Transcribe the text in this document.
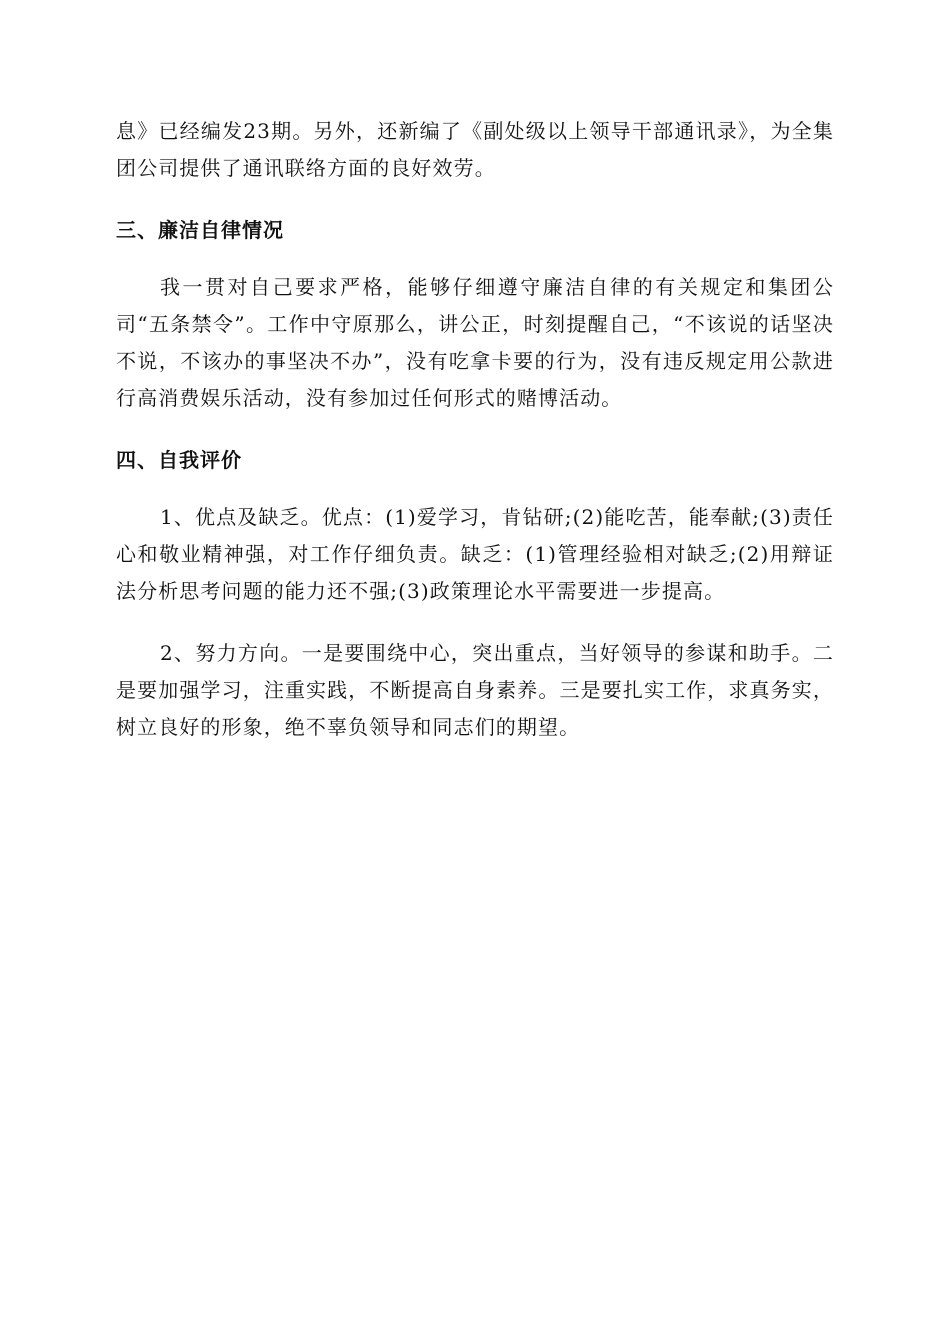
息》已经编发23期。另外，还新编了《副处级以上领导干部通讯录》，为全集团公司提供了通讯联络方面的良好效劳。

三、廉洁自律情况

我一贯对自己要求严格，能够仔细遵守廉洁自律的有关规定和集团公司“五条禁令”。工作中守原那么，讲公正，时刻提醒自己，“不该说的话坚决不说，不该办的事坚决不办”，没有吃拿卡要的行为，没有违反规定用公款进行高消费娱乐活动，没有参加过任何形式的赌博活动。

四、自我评价

1、优点及缺乏。优点：(1)爱学习，肯钻研;(2)能吃苦，能奉献;(3)责任心和敬业精神强，对工作仔细负责。缺乏：(1)管理经验相对缺乏;(2)用辩证法分析思考问题的能力还不强;(3)政策理论水平需要进一步提高。

2、努力方向。一是要围绕中心，突出重点，当好领导的参谋和助手。二是要加强学习，注重实践，不断提高自身素养。三是要扎实工作，求真务实，树立良好的形象，绝不辜负领导和同志们的期望。
